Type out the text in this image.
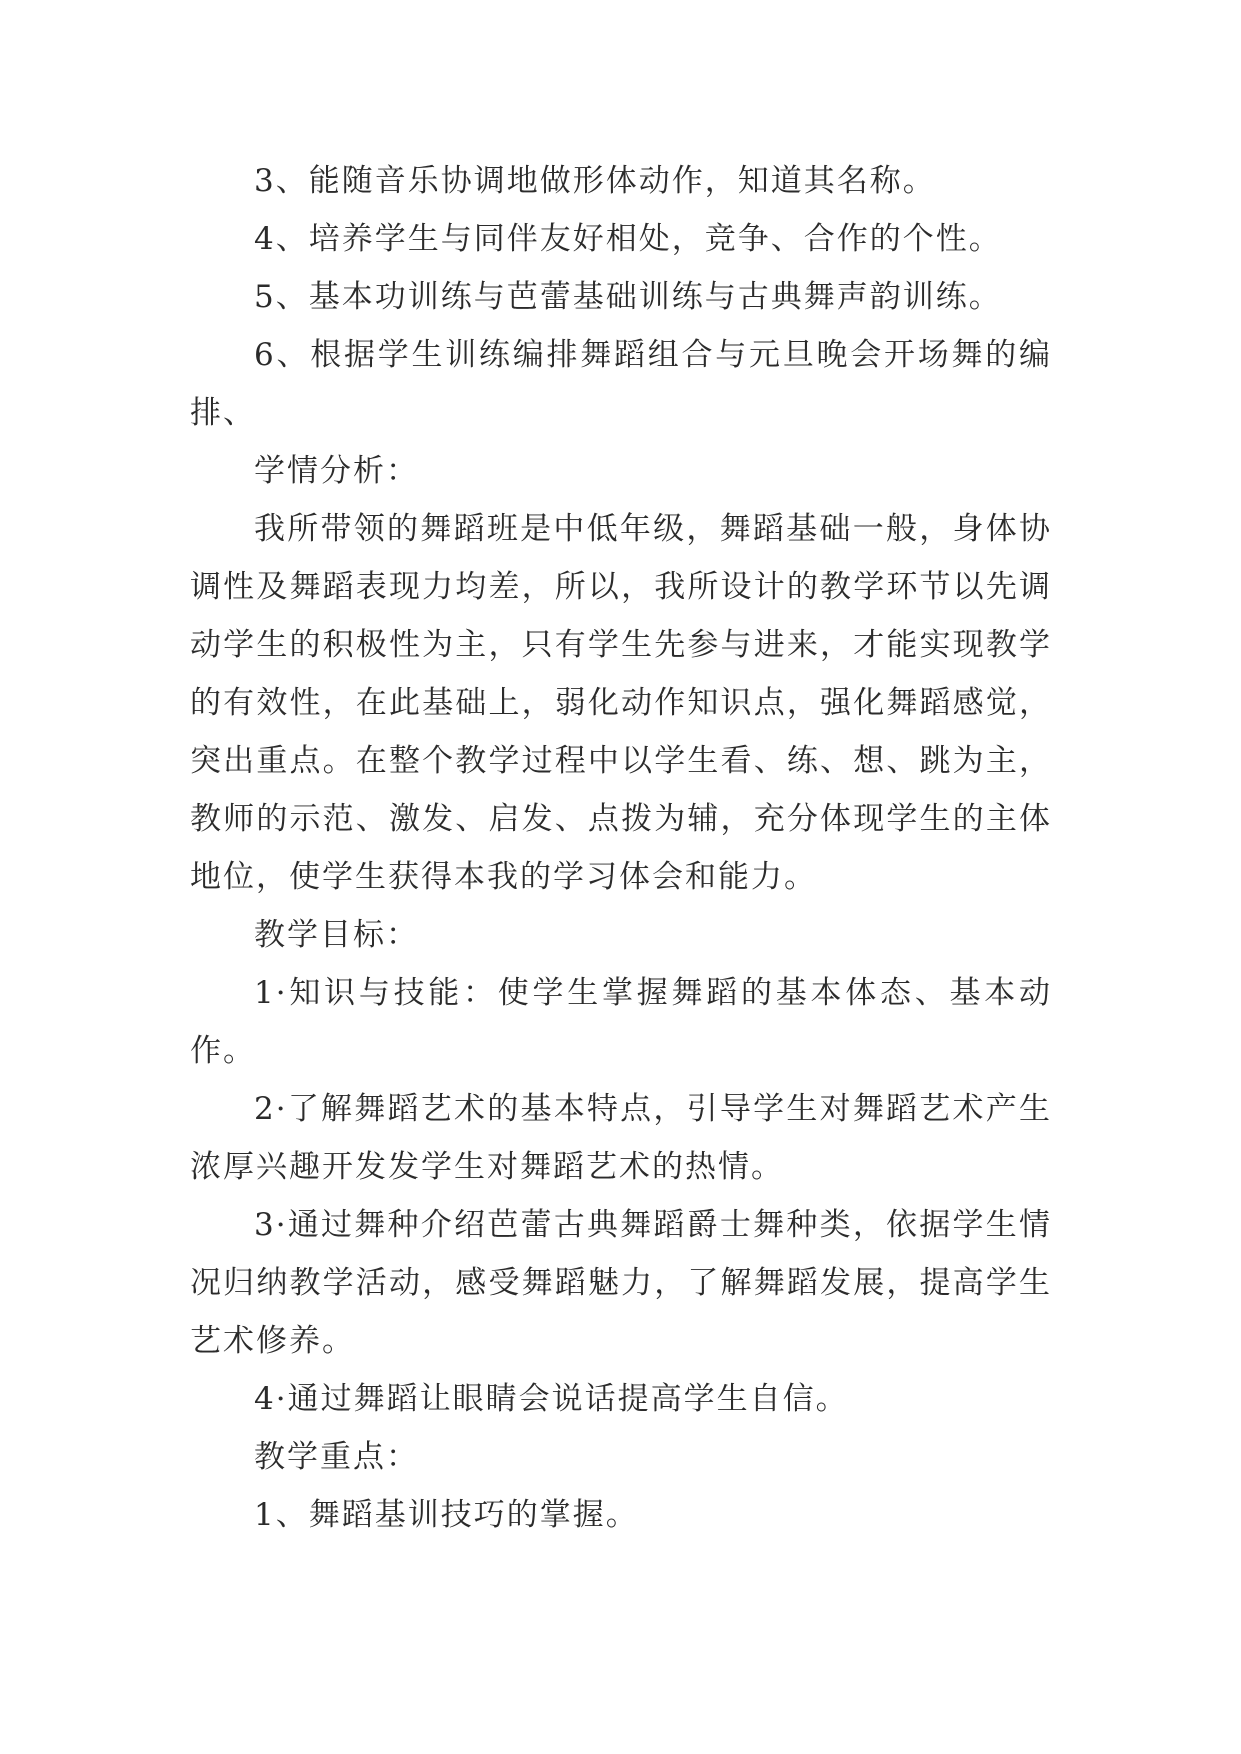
3、能随音乐协调地做形体动作，知道其名称。

4、培养学生与同伴友好相处，竞争、合作的个性。

5、基本功训练与芭蕾基础训练与古典舞声韵训练。

6、根据学生训练编排舞蹈组合与元旦晚会开场舞的编排、

学情分析：

我所带领的舞蹈班是中低年级，舞蹈基础一般，身体协调性及舞蹈表现力均差，所以，我所设计的教学环节以先调动学生的积极性为主，只有学生先参与进来，才能实现教学的有效性，在此基础上，弱化动作知识点，强化舞蹈感觉，突出重点。在整个教学过程中以学生看、练、想、跳为主，教师的示范、激发、启发、点拨为辅，充分体现学生的主体地位，使学生获得本我的学习体会和能力。

教学目标：

1·知识与技能：使学生掌握舞蹈的基本体态、基本动作。

2·了解舞蹈艺术的基本特点，引导学生对舞蹈艺术产生浓厚兴趣开发发学生对舞蹈艺术的热情。

3·通过舞种介绍芭蕾古典舞蹈爵士舞种类，依据学生情况归纳教学活动，感受舞蹈魅力，了解舞蹈发展，提高学生艺术修养。

4·通过舞蹈让眼睛会说话提高学生自信。

教学重点：

1、舞蹈基训技巧的掌握。
